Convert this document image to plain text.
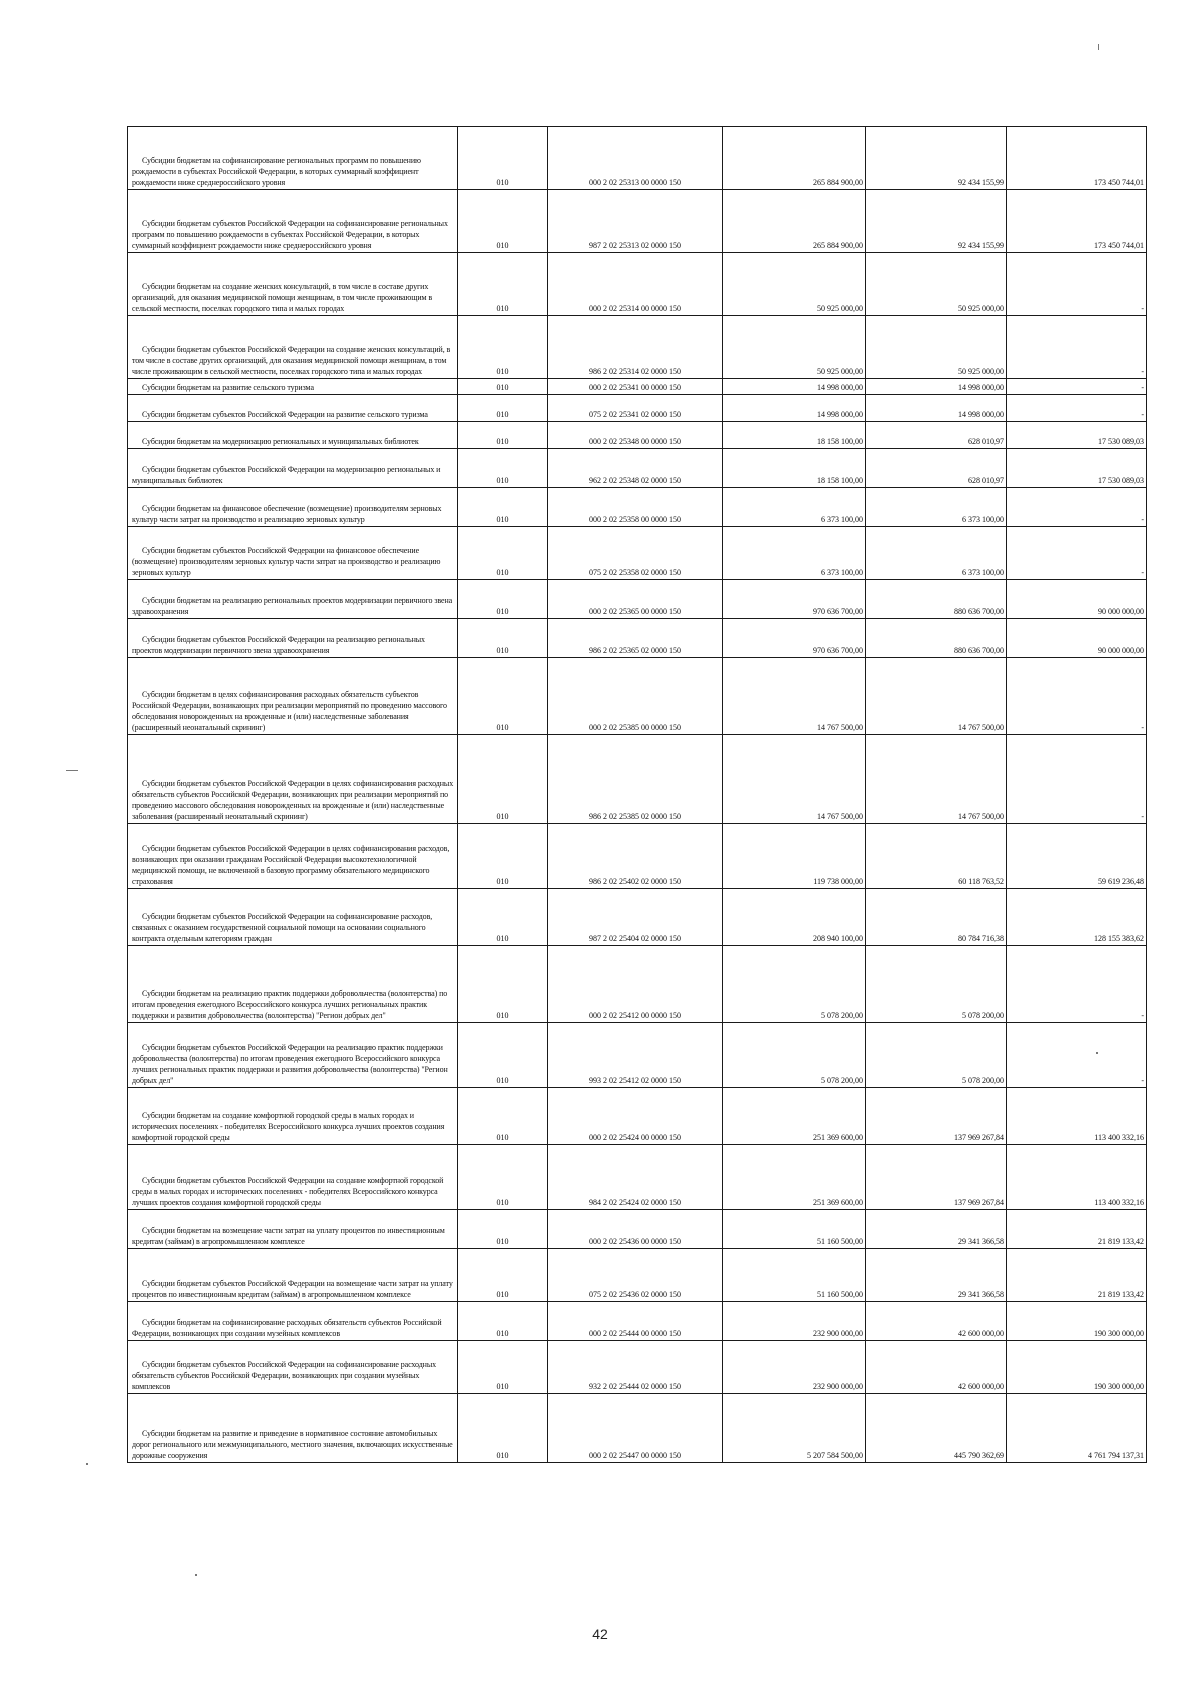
Субсидии бюджетам на софинансирование региональных программ по повышению рождаемости в субъектах Российской Федерации, в которых суммарный коэффициент рождаемости ниже среднероссийского уровня	010	000 2 02 25313 00 0000 150	265 884 900,00	92 434 155,99	173 450 744,01
Субсидии бюджетам субъектов Российской Федерации на софинансирование региональных программ по повышению рождаемости в субъектах Российской Федерации, в которых суммарный коэффициент рождаемости ниже среднероссийского уровня	010	987 2 02 25313 02 0000 150	265 884 900,00	92 434 155,99	173 450 744,01
Субсидии бюджетам на создание женских консультаций, в том числе в составе других организаций, для оказания медицинской помощи женщинам, в том числе проживающим в сельской местности, поселках городского типа и малых городах	010	000 2 02 25314 00 0000 150	50 925 000,00	50 925 000,00	-
Субсидии бюджетам субъектов Российской Федерации на создание женских консультаций, в том числе в составе других организаций, для оказания медицинской помощи женщинам, в том числе проживающим в сельской местности, поселках городского типа и малых городах	010	986 2 02 25314 02 0000 150	50 925 000,00	50 925 000,00	-
Субсидии бюджетам на развитие сельского туризма	010	000 2 02 25341 00 0000 150	14 998 000,00	14 998 000,00	-
Субсидии бюджетам субъектов Российской Федерации на развитие сельского туризма	010	075 2 02 25341 02 0000 150	14 998 000,00	14 998 000,00	-
Субсидии бюджетам на модернизацию региональных и муниципальных библиотек	010	000 2 02 25348 00 0000 150	18 158 100,00	628 010,97	17 530 089,03
Субсидии бюджетам субъектов Российской Федерации на модернизацию региональных и муниципальных библиотек	010	962 2 02 25348 02 0000 150	18 158 100,00	628 010,97	17 530 089,03
Субсидии бюджетам на финансовое обеспечение (возмещение) производителям зерновых культур части затрат на производство и реализацию зерновых культур	010	000 2 02 25358 00 0000 150	6 373 100,00	6 373 100,00	-
Субсидии бюджетам субъектов Российской Федерации на финансовое обеспечение (возмещение) производителям зерновых культур части затрат на производство и реализацию зерновых культур	010	075 2 02 25358 02 0000 150	6 373 100,00	6 373 100,00	-
Субсидии бюджетам на реализацию региональных проектов модернизации первичного звена здравоохранения	010	000 2 02 25365 00 0000 150	970 636 700,00	880 636 700,00	90 000 000,00
Субсидии бюджетам субъектов Российской Федерации на реализацию региональных проектов модернизации первичного звена здравоохранения	010	986 2 02 25365 02 0000 150	970 636 700,00	880 636 700,00	90 000 000,00
Субсидии бюджетам в целях софинансирования расходных обязательств субъектов Российской Федерации, возникающих при реализации мероприятий по проведению массового обследования новорожденных на врожденные и (или) наследственные заболевания (расширенный неонатальный скрининг)	010	000 2 02 25385 00 0000 150	14 767 500,00	14 767 500,00	-
Субсидии бюджетам субъектов Российской Федерации в целях софинансирования расходных обязательств субъектов Российской Федерации, возникающих при реализации мероприятий по проведению массового обследования новорожденных на врожденные и (или) наследственные заболевания (расширенный неонатальный скрининг)	010	986 2 02 25385 02 0000 150	14 767 500,00	14 767 500,00	-
Субсидии бюджетам субъектов Российской Федерации в целях софинансирования расходов, возникающих при оказании гражданам Российской Федерации высокотехнологичной медицинской помощи, не включенной в базовую программу обязательного медицинского страхования	010	986 2 02 25402 02 0000 150	119 738 000,00	60 118 763,52	59 619 236,48
Субсидии бюджетам субъектов Российской Федерации на софинансирование расходов, связанных с оказанием государственной социальной помощи на основании социального контракта отдельным категориям граждан	010	987 2 02 25404 02 0000 150	208 940 100,00	80 784 716,38	128 155 383,62
Субсидии бюджетам на реализацию практик поддержки добровольчества (волонтерства) по итогам проведения ежегодного Всероссийского конкурса лучших региональных практик поддержки и развития добровольчества (волонтерства) "Регион добрых дел"	010	000 2 02 25412 00 0000 150	5 078 200,00	5 078 200,00	-
Субсидии бюджетам субъектов Российской Федерации на реализацию практик поддержки добровольчества (волонтерства) по итогам проведения ежегодного Всероссийского конкурса лучших региональных практик поддержки и развития добровольчества (волонтерства) "Регион добрых дел"	010	993 2 02 25412 02 0000 150	5 078 200,00	5 078 200,00	-
Субсидии бюджетам на создание комфортной городской среды в малых городах и исторических поселениях - победителях Всероссийского конкурса лучших проектов создания комфортной городской среды	010	000 2 02 25424 00 0000 150	251 369 600,00	137 969 267,84	113 400 332,16
Субсидии бюджетам субъектов Российской Федерации на создание комфортной городской среды в малых городах и исторических поселениях - победителях Всероссийского конкурса лучших проектов создания комфортной городской среды	010	984 2 02 25424 02 0000 150	251 369 600,00	137 969 267,84	113 400 332,16
Субсидии бюджетам на возмещение части затрат на уплату процентов по инвестиционным кредитам (займам) в агропромышленном комплексе	010	000 2 02 25436 00 0000 150	51 160 500,00	29 341 366,58	21 819 133,42
Субсидии бюджетам субъектов Российской Федерации на возмещение части затрат на уплату процентов по инвестиционным кредитам (займам) в агропромышленном комплексе	010	075 2 02 25436 02 0000 150	51 160 500,00	29 341 366,58	21 819 133,42
Субсидии бюджетам на софинансирование расходных обязательств субъектов Российской Федерации, возникающих при создании музейных комплексов	010	000 2 02 25444 00 0000 150	232 900 000,00	42 600 000,00	190 300 000,00
Субсидии бюджетам субъектов Российской Федерации на софинансирование расходных обязательств субъектов Российской Федерации, возникающих при создании музейных комплексов	010	932 2 02 25444 02 0000 150	232 900 000,00	42 600 000,00	190 300 000,00
Субсидии бюджетам на развитие и приведение в нормативное состояние автомобильных дорог регионального или межмуниципального, местного значения, включающих искусственные дорожные сооружения	010	000 2 02 25447 00 0000 150	5 207 584 500,00	445 790 362,69	4 761 794 137,31
42
